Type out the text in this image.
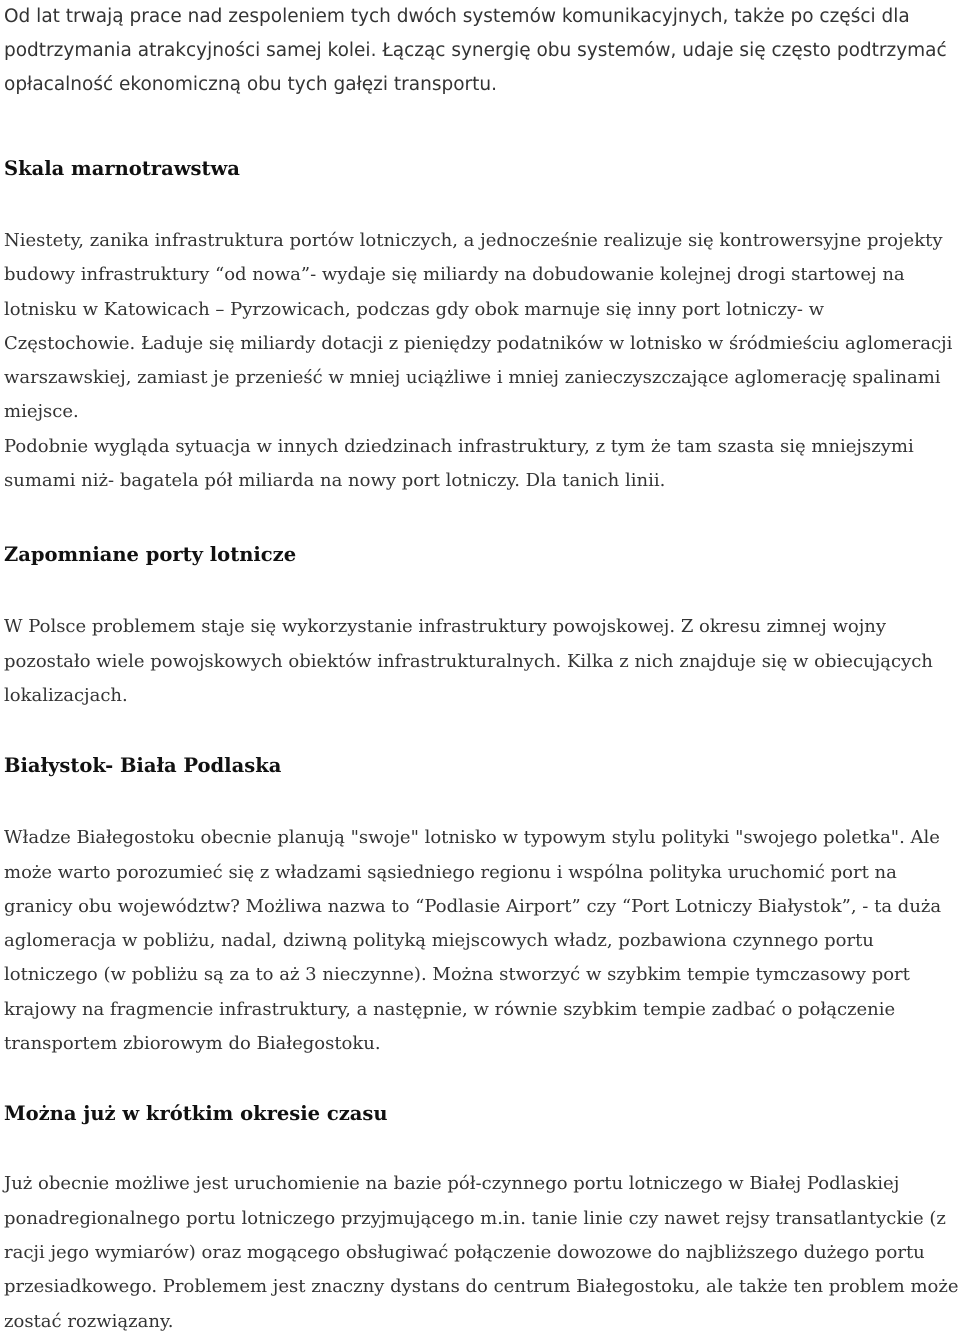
Od lat trwają prace nad zespoleniem tych dwóch systemów komunikacyjnych, także po części dla podtrzymania atrakcyjności samej kolei. Łącząc synergię obu systemów, udaje się często podtrzymać opłacalność ekonomiczną obu tych gałęzi transportu.

Skala marnotrawstwa

Niestety, zanika infrastruktura portów lotniczych, a jednocześnie realizuje się kontrowersyjne projekty budowy infrastruktury “od nowa”- wydaje się miliardy na dobudowanie kolejnej drogi startowej na lotnisku w Katowicach – Pyrzowicach, podczas gdy obok marnuje się inny port lotniczy- w Częstochowie. Ładuje się miliardy dotacji z pieniędzy podatników w lotnisko w śródmieściu aglomeracji warszawskiej, zamiast je przenieść w mniej uciążliwe i mniej zanieczyszczające aglomerację spalinami miejsce.

Podobnie wygląda sytuacja w innych dziedzinach infrastruktury, z tym że tam szasta się mniejszymi sumami niż- bagatela pół miliarda na nowy port lotniczy. Dla tanich linii.

Zapomniane porty lotnicze

W Polsce problemem staje się wykorzystanie infrastruktury powojskowej. Z okresu zimnej wojny pozostało wiele powojskowych obiektów infrastrukturalnych. Kilka z nich znajduje się w obiecujących lokalizacjach.

Białystok- Biała Podlaska

Władze Białegostoku obecnie planują "swoje" lotnisko w typowym stylu polityki "swojego poletka". Ale może warto porozumieć się z władzami sąsiedniego regionu i wspólna polityka uruchomić port na granicy obu województw? Możliwa nazwa to “Podlasie Airport” czy “Port Lotniczy Białystok”, - ta duża aglomeracja w pobliżu, nadal, dziwną polityką miejscowych władz, pozbawiona czynnego portu lotniczego (w pobliżu są za to aż 3 nieczynne). Można stworzyć w szybkim tempie tymczasowy port krajowy na fragmencie infrastruktury, a następnie, w równie szybkim tempie zadbać o połączenie transportem zbiorowym do Białegostoku.

Można już w krótkim okresie czasu

Już obecnie możliwe jest uruchomienie na bazie pół-czynnego portu lotniczego w Białej Podlaskiej ponadregionalnego portu lotniczego przyjmującego m.in. tanie linie czy nawet rejsy transatlantyckie (z racji jego wymiarów) oraz mogącego obsługiwać połączenie dowozowe do najbliższego dużego portu przesiadkowego. Problemem jest znaczny dystans do centrum Białegostoku, ale także ten problem może zostać rozwiązany.
